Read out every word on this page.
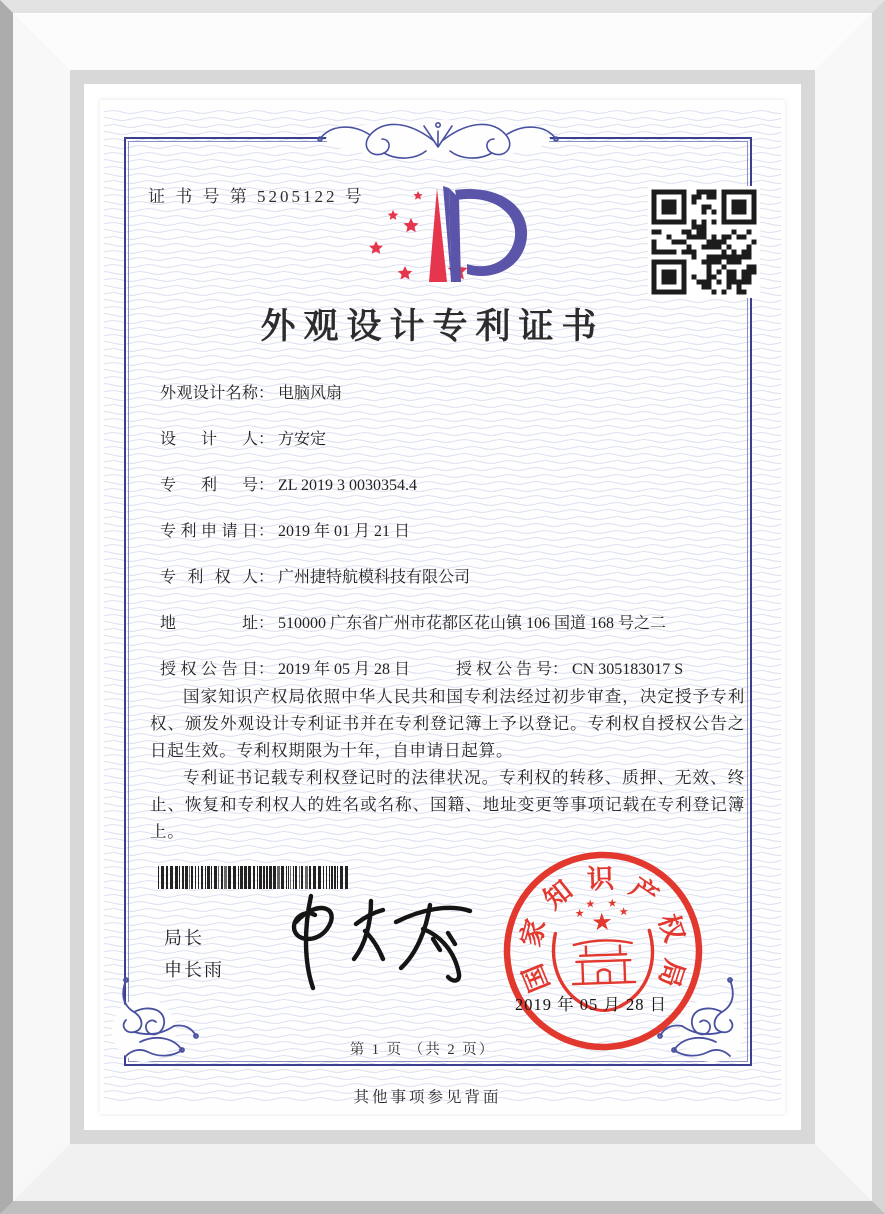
证 书 号 第 5205122 号
外观设计专利证书
外观设计名称 ： 电脑风扇
设计人 ： 方安定
专利号 ： ZL 2019 3 0030354.4
专利申请日 ： 2019 年 01 月 21 日
专利权人 ： 广州捷特航模科技有限公司
地址 ： 510000 广东省广州市花都区花山镇 106 国道 168 号之二
授权公告日 ： 2019 年 05 月 28 日	授权公告号 ： CN 305183017 S

国家知识产权局依照中华人民共和国专利法经过初步审查，决定授予专利权、颁发外观设计专利证书并在专利登记簿上予以登记。专利权自授权公告之日起生效。专利权期限为十年，自申请日起算。

专利证书记载专利权登记时的法律状况。专利权的转移、质押、无效、终止、恢复和专利权人的姓名或名称、国籍、地址变更等事项记载在专利登记簿上。

局长
申长雨	国
家
知 识 产
权
局
★
★
★ ★
★
2019 年 05 月 28 日
第 1 页 （共 2 页）
其他事项参见背面
